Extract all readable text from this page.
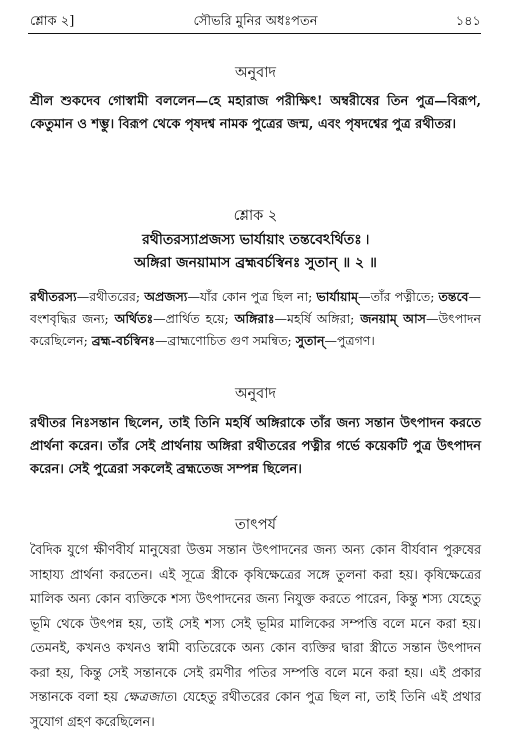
শ্লোক ২]	সৌভরি মুনির অধঃপতন	১৪১
অনুবাদ
শ্রীল শুকদেব গোস্বামী বললেন—হে মহারাজ পরীক্ষিৎ! অম্বরীষের তিন পুত্র—বিরূপ, কেতুমান ও শম্ভু। বিরূপ থেকে পৃষদশ্ব নামক পুত্রের জন্ম, এবং পৃষদশ্বের পুত্র রথীতর।
শ্লোক ২
রথীতরস্যাপ্রজস্য ভার্যায়াং তন্তবেঽর্থিতঃ ৷
অঙ্গিরা জনয়ামাস ব্রহ্মবর্চস্বিনঃ সুতান্‌ ॥ ২ ॥
রথীতরস্য—রথীতরের; অপ্রজস্য—যাঁর কোন পুত্র ছিল না; ভার্যায়াম্‌—তাঁর পত্নীতে; তন্তবে—বংশবৃদ্ধির জন্য; অর্থিতঃ—প্রার্থিত হয়ে; অঙ্গিরাঃ—মহর্ষি অঙ্গিরা; জনয়াম্‌ আস—উৎপাদন করেছিলেন; ব্রহ্ম-বর্চস্বিনঃ—ব্রাহ্মণোচিত গুণ সমন্বিত; সুতান্‌—পুত্রগণ।
অনুবাদ
রথীতর নিঃসন্তান ছিলেন, তাই তিনি মহর্ষি অঙ্গিরাকে তাঁর জন্য সন্তান উৎপাদন করতে প্রার্থনা করেন। তাঁর সেই প্রার্থনায় অঙ্গিরা রথীতরের পত্নীর গর্ভে কয়েকটি পুত্র উৎপাদন করেন। সেই পুত্রেরা সকলেই ব্রহ্মতেজ সম্পন্ন ছিলেন।
তাৎপর্য
বৈদিক যুগে ক্ষীণবীর্য মানুষেরা উত্তম সন্তান উৎপাদনের জন্য অন্য কোন বীর্যবান পুরুষের সাহায্য প্রার্থনা করতেন। এই সূত্রে স্ত্রীকে কৃষিক্ষেত্রের সঙ্গে তুলনা করা হয়। কৃষিক্ষেত্রের মালিক অন্য কোন ব্যক্তিকে শস্য উৎপাদনের জন্য নিযুক্ত করতে পারেন, কিন্তু শস্য যেহেতু ভূমি থেকে উৎপন্ন হয়, তাই সেই শস্য সেই ভূমির মালিকের সম্পত্তি বলে মনে করা হয়। তেমনই, কখনও কখনও স্বামী ব্যতিরেকে অন্য কোন ব্যক্তির দ্বারা স্ত্রীতে সন্তান উৎপাদন করা হয়, কিন্তু সেই সন্তানকে সেই রমণীর পতির সম্পত্তি বলে মনে করা হয়। এই প্রকার সন্তানকে বলা হয় ক্ষেত্রজাত। যেহেতু রথীতরের কোন পুত্র ছিল না, তাই তিনি এই প্রথার সুযোগ গ্রহণ করেছিলেন।
